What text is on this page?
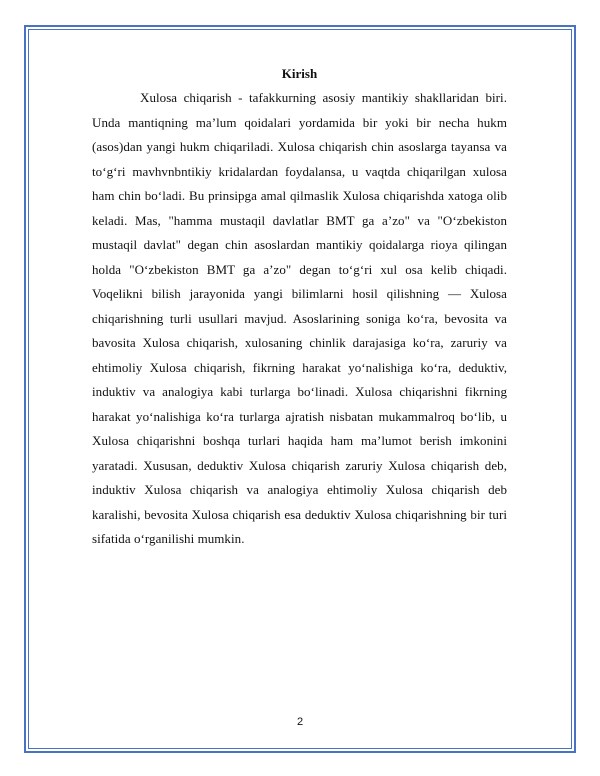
Kirish

Xulosa chiqarish - tafakkurning asosiy mantikiy shakllaridan biri. Unda mantiqning maʼlum qoidalari yordamida bir yoki bir necha hukm (asos)dan yangi hukm chiqariladi. Xulosa chiqarish chin asoslarga tayansa va toʻgʻri mavhvnbntikiy kridalardan foydalansa, u vaqtda chiqarilgan xulosa ham chin boʻladi. Bu prinsipga amal qilmaslik Xulosa chiqarishda xatoga olib keladi. Mas, "hamma mustaqil davlatlar BMT ga aʼzo" va "Oʻzbekiston mustaqil davlat" degan chin asoslardan mantikiy qoidalarga rioya qilingan holda "Oʻzbekiston BMT ga aʼzo" degan toʻgʻri xul osa kelib chiqadi. Voqelikni bilish jarayonida yangi bilimlarni hosil qilishning — Xulosa chiqarishning turli usullari mavjud. Asoslarining soniga koʻra, bevosita va bavosita Xulosa chiqarish, xulosaning chinlik darajasiga koʻra, zaruriy va ehtimoliy Xulosa chiqarish, fikrning harakat yoʻnalishiga koʻra, deduktiv, induktiv va analogiya kabi turlarga boʻlinadi. Xulosa chiqarishni fikrning harakat yoʻnalishiga koʻra turlarga ajratish nisbatan mukammalroq boʻlib, u Xulosa chiqarishni boshqa turlari haqida ham maʼlumot berish imkonini yaratadi. Xususan, deduktiv Xulosa chiqarish zaruriy Xulosa chiqarish deb, induktiv Xulosa chiqarish va analogiya ehtimoliy Xulosa chiqarish deb karalishi, bevosita Xulosa chiqarish esa deduktiv Xulosa chiqarishning bir turi sifatida oʻrganilishi mumkin.

2
